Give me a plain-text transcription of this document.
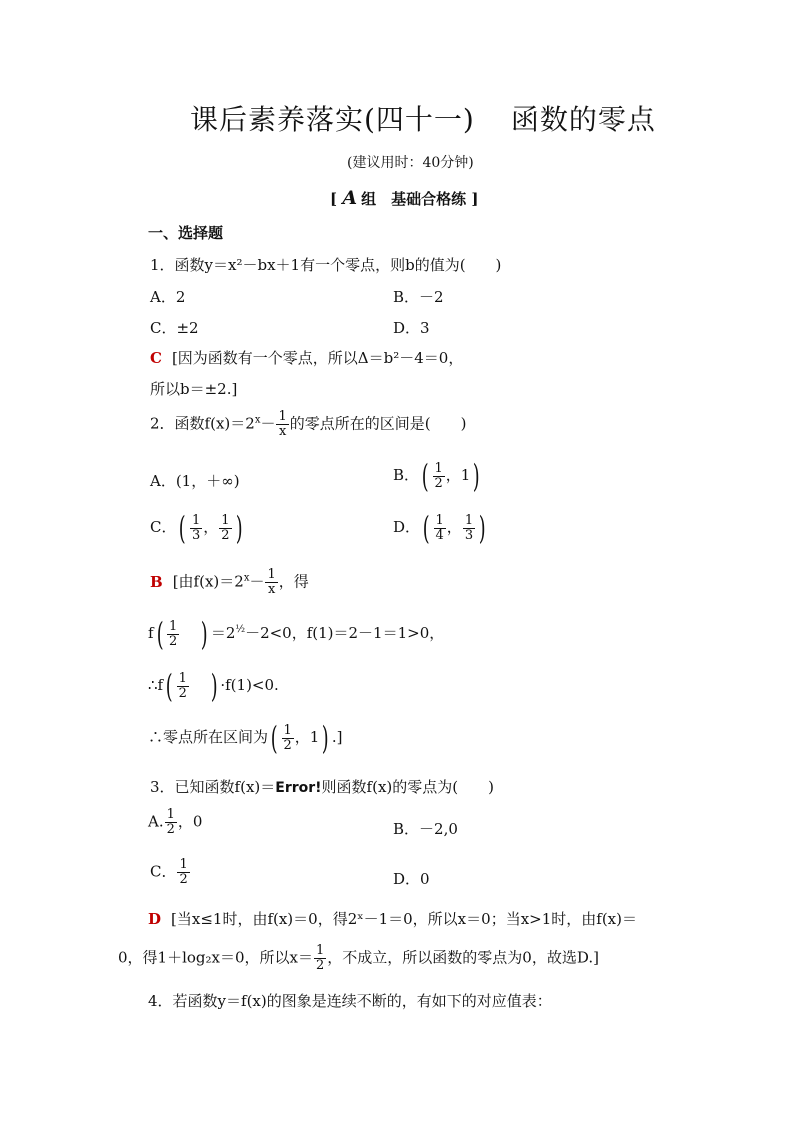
课后素养落实(四十一) 函数的零点
(建议用时：40分钟)
[ A 组　基础合格练 ]
一、选择题
1．函数y＝x²－bx＋1有一个零点，则b的值为(　　)
A．2	B．－2
C．±2	D．3
C [因为函数有一个零点，所以Δ＝b²－4＝0，
所以b＝±2.]
2．函数$f(x)=2^x- \frac{1}{x}$ 的零点所在的区间是(　　)
A．(1，＋∞)	B．( $\frac{1}{2}$ ，1)
C．( $\frac{1}{3}$ ， $\frac{1}{2}$ )	D．( $\frac{1}{4}$ ， $\frac{1}{3}$ )
B [由$f(x)=2^x- \frac{1}{x}$ ，得
$f( \frac{1}{2}$ ) $=2^{\frac{1}{2}}-2<0$，f(1)＝2－1＝1>0，
∴f( $\frac{1}{2}$ ) ·f(1)<0.
∴零点所在区间为( $\frac{1}{2}$ ，1) .]
3．已知函数f(x)＝Error!则函数f(x)的零点为(　　)
A. $\frac{1}{2}$ ，0	B．－2,0
C． $\frac{1}{2}$	D．0
D [当x≤1时，由f(x)＝0，得2ˣ－1＝0，所以x＝0；当x>1时，由f(x)＝
0，得1＋log₂x＝0，所以$x= \frac{1}{2}$ ，不成立，所以函数的零点为0，故选D.]
4．若函数y＝f(x)的图象是连续不断的，有如下的对应值表：
